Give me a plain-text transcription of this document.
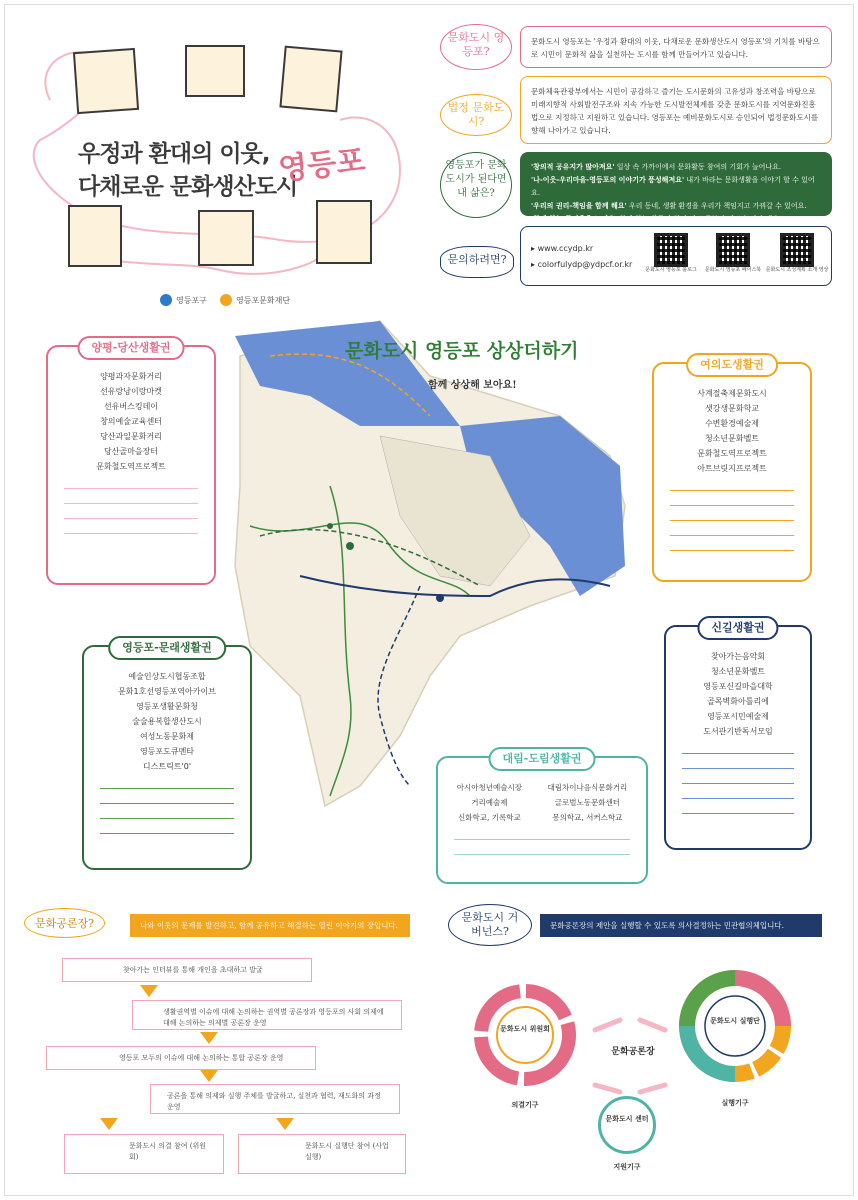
우정과 환대의 이웃,
다채로운 문화생산도시
영등포
영등포구	영등포문화재단
문화도시 영등포는 '우정과 환대의 이웃, 다채로운 문화생산도시 영등포'의 기치를 바탕으로 시민이 문화적 삶을 실천하는 도시를 함께 만들어가고 있습니다.
문화도시 영등포?
문화체육관광부에서는 시민이 공감하고 즐기는 도시문화의 고유성과 창조력을 바탕으로 미래지향적 사회발전구조와 지속 가능한 도시발전체계를 갖춘 문화도시를 지역문화진흥법으로 지정하고 지원하고 있습니다. 영등포는 예비문화도시로 승인되어 법정문화도시를 향해 나아가고 있습니다.
법정 문화도시?
'창의적 공유지가 많아져요' 일상 속 가까이에서 문화활동 참여의 기회가 늘어나요.
'나-이웃-우리마을-영등포의 이야기가 풍성해져요' 내가 바라는 문화생활을 이야기 할 수 있어요.
'우리의 권리-책임을 함께 해요' 우리 동네, 생활 환경을 우리가 책임지고 가꿔갈 수 있어요.
'함께 하는 즐거움을 느껴요' 함께 하는 활동이 일이 되고 공부가 되고 놀이가 돼요.
영등포가 문화도시가 된다면 내 삶은?
▸ www.ccydp.kr
▸ colorfulydp@ydpcf.or.kr
문화도시 영등포 블로그	문화도시 영등포 페이스북 문화도시 조성계획 소개 영상
문의하려면?
문화도시 영등포 상상더하기
함께 상상해 보아요!
양평-당산생활권
양평과자문화거리
선유랑낭이랑마켓
선유버스킹데이
창의예술교육센터
당산과일문화거리
당산골마을장터
문화철도역프로젝트
여의도생활권
사계절축제문화도시
샛강생문화학교
수변환경예술제
청소년문화벨트
문화철도역프로젝트
아트브릿지프로젝트
영등포-문래생활권
예술인상도시협동조합
문화1호선영등포역아카이브
영등포생활문화청
술술용복합생산도시
여성노동문화제
영등포도큐멘타
디스트릭트'0'
신길생활권
찾아가는음악회
청소년문화벨트
영등포신길마을대학
골목벽화아틀리에
영등포시민예술제
도서관기반독서모임
대림-도림생활권
아시아청년예술시장
거리예술제
신화학교, 기록학교
대림차이나음식문화거리
글로벌노동문화센터
몽의학교, 서커스학교
문화공론장?	나와 이웃의 문제를 발견하고, 함께 공유하고 해결하는 열린 이야기의 장입니다.
찾아가는 인터뷰를 통해 개인을 초대하고 발굴
생활권역별 이슈에 대해 논의하는 권역별 공론장과 영등포의 사회 의제에 대해 논의하는 의제별 공론장 운영
영등포 모두의 이슈에 대해 논의하는 통합 공론장 운영
공론을 통해 의제와 실행 주체를 발굴하고, 실천과 협력, 재도화의 과정 운영
문화도시 의결 참여 (위원회)
문화도시 실행단 참여 (사업 실행)
문화도시 거버넌스?	문화공론장의 제안을 실행할 수 있도록 의사결정하는 민관협의체입니다.
문화도시 위원회
의결기구
문화도시 실행단
실행기구
문화공론장
문화도시 센터
지원기구
